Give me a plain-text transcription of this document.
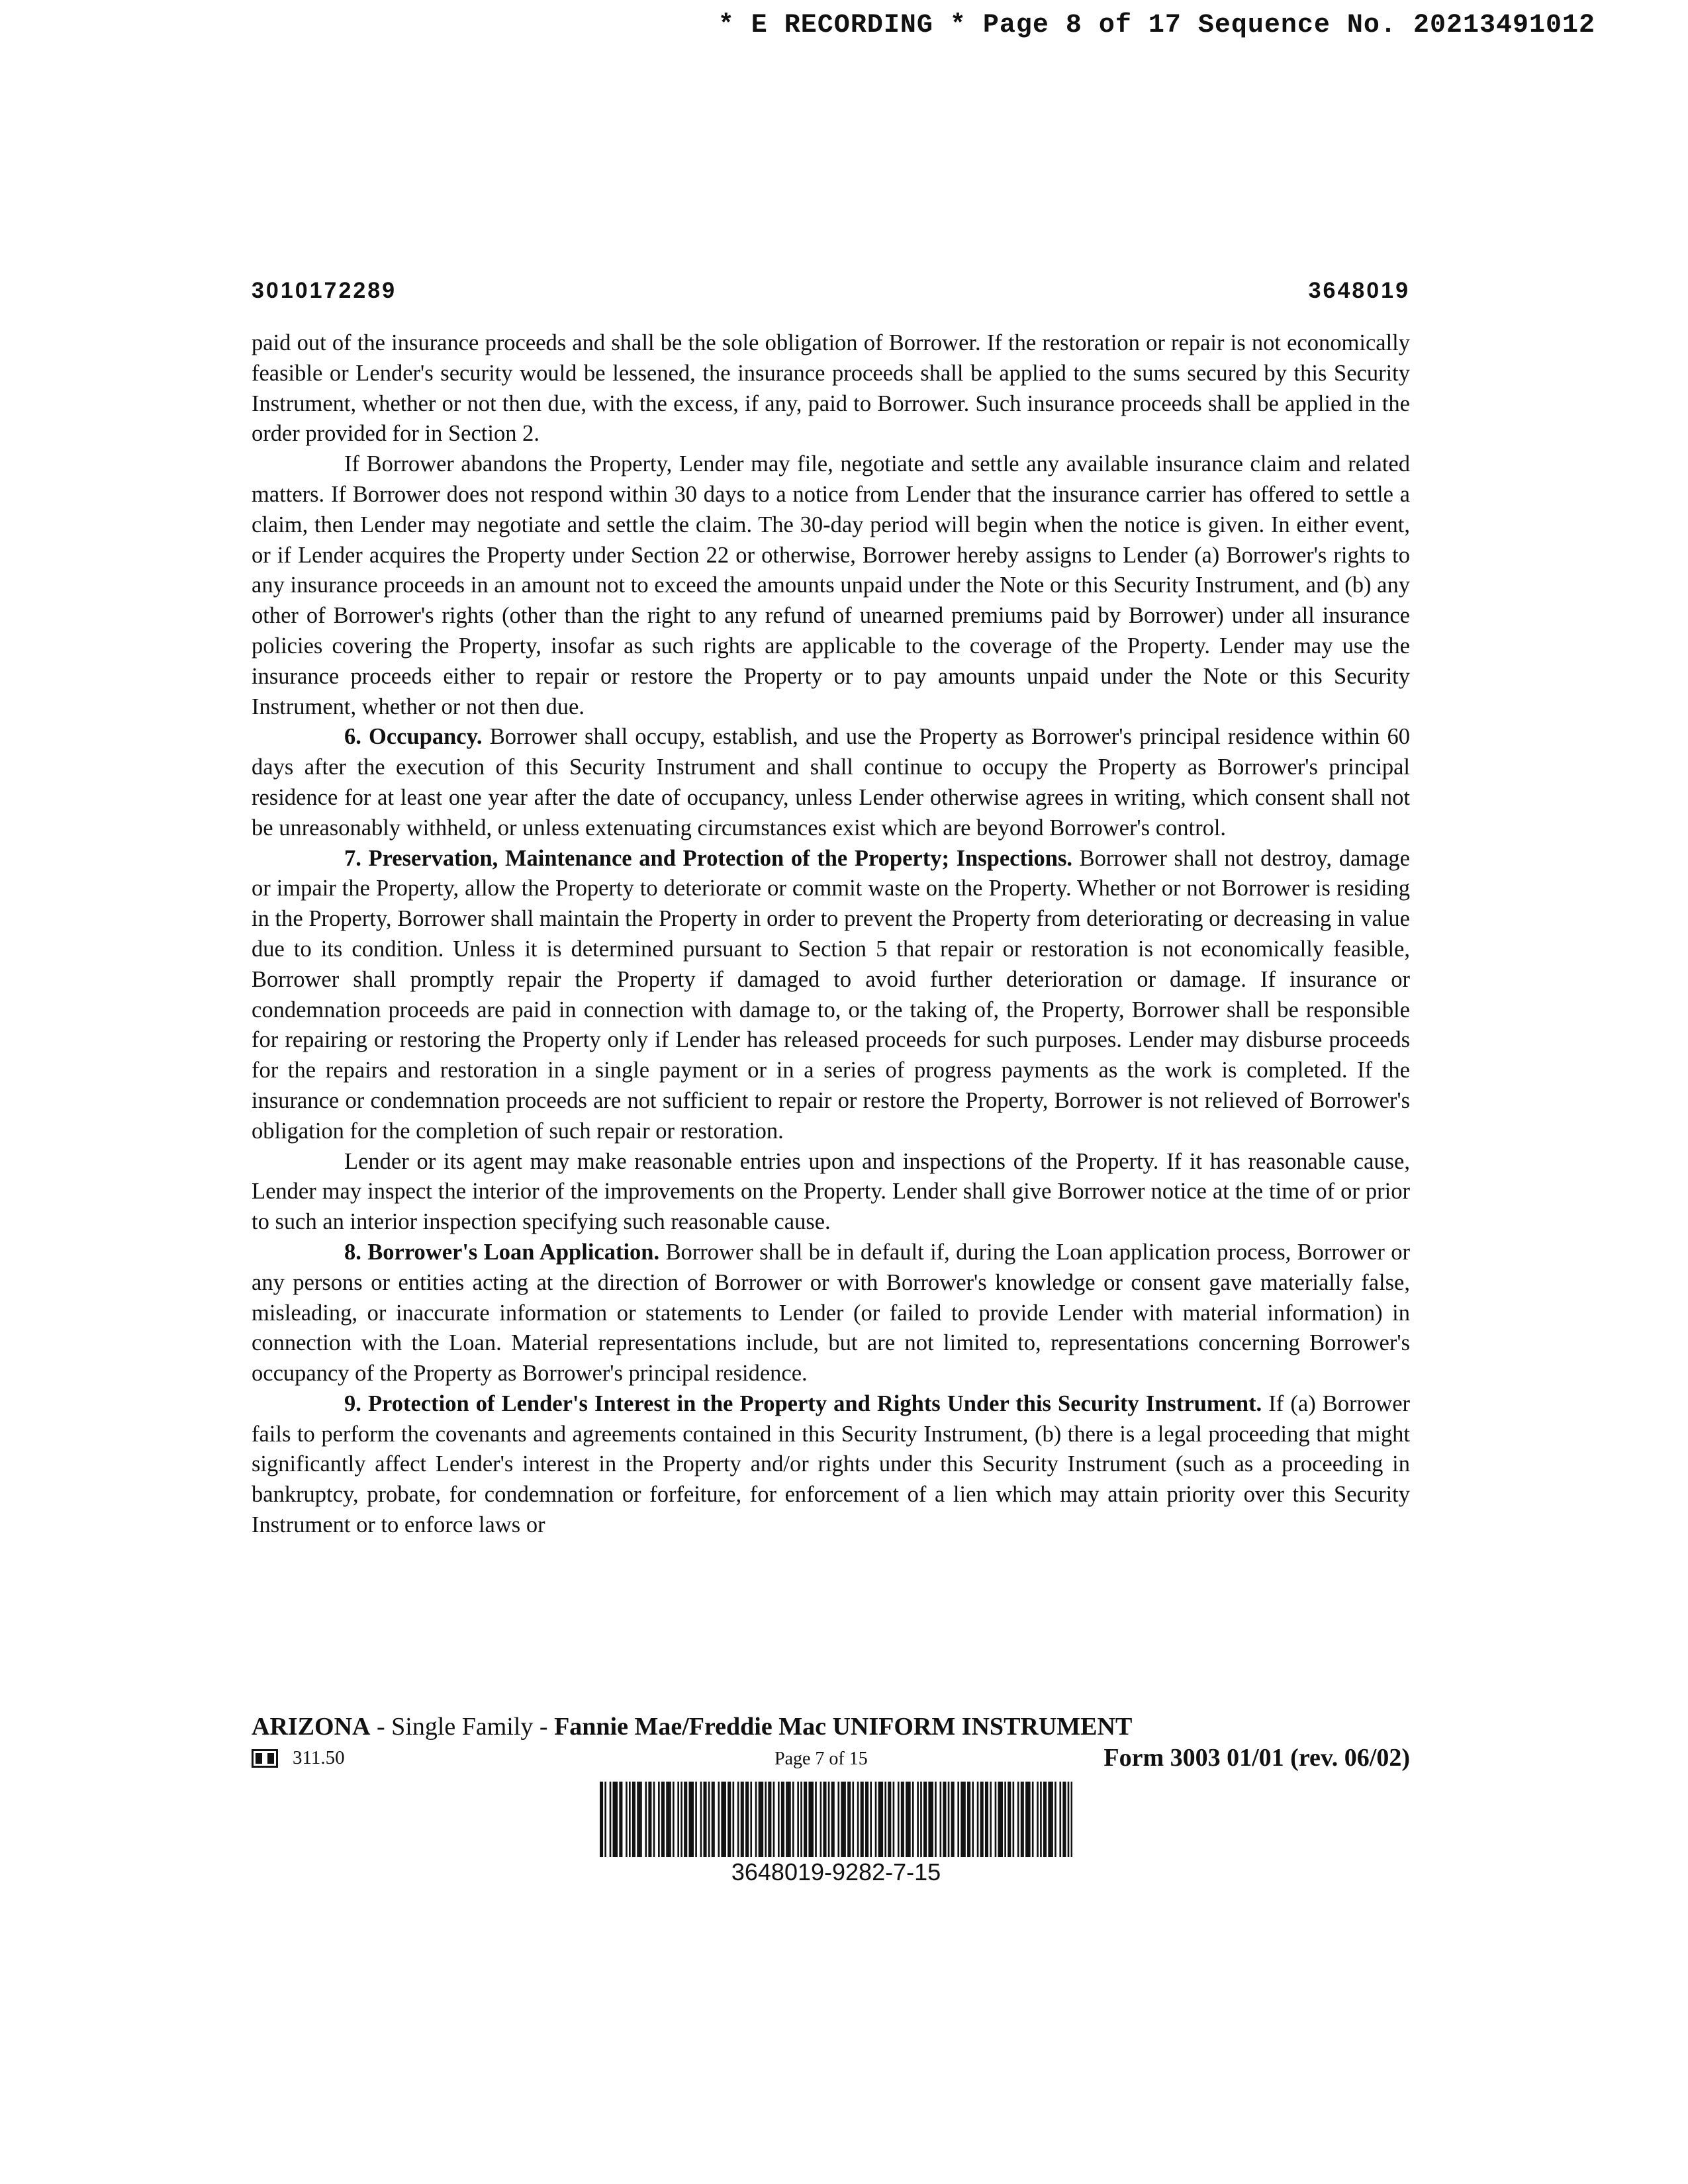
* E RECORDING * Page 8 of 17 Sequence No. 20213491012
3010172289	3648019

paid out of the insurance proceeds and shall be the sole obligation of Borrower. If the restoration or repair is not economically feasible or Lender's security would be lessened, the insurance proceeds shall be applied to the sums secured by this Security Instrument, whether or not then due, with the excess, if any, paid to Borrower. Such insurance proceeds shall be applied in the order provided for in Section 2.

If Borrower abandons the Property, Lender may file, negotiate and settle any available insurance claim and related matters. If Borrower does not respond within 30 days to a notice from Lender that the insurance carrier has offered to settle a claim, then Lender may negotiate and settle the claim. The 30-day period will begin when the notice is given. In either event, or if Lender acquires the Property under Section 22 or otherwise, Borrower hereby assigns to Lender (a) Borrower's rights to any insurance proceeds in an amount not to exceed the amounts unpaid under the Note or this Security Instrument, and (b) any other of Borrower's rights (other than the right to any refund of unearned premiums paid by Borrower) under all insurance policies covering the Property, insofar as such rights are applicable to the coverage of the Property. Lender may use the insurance proceeds either to repair or restore the Property or to pay amounts unpaid under the Note or this Security Instrument, whether or not then due.

6. Occupancy. Borrower shall occupy, establish, and use the Property as Borrower's principal residence within 60 days after the execution of this Security Instrument and shall continue to occupy the Property as Borrower's principal residence for at least one year after the date of occupancy, unless Lender otherwise agrees in writing, which consent shall not be unreasonably withheld, or unless extenuating circumstances exist which are beyond Borrower's control.

7. Preservation, Maintenance and Protection of the Property; Inspections. Borrower shall not destroy, damage or impair the Property, allow the Property to deteriorate or commit waste on the Property. Whether or not Borrower is residing in the Property, Borrower shall maintain the Property in order to prevent the Property from deteriorating or decreasing in value due to its condition. Unless it is determined pursuant to Section 5 that repair or restoration is not economically feasible, Borrower shall promptly repair the Property if damaged to avoid further deterioration or damage. If insurance or condemnation proceeds are paid in connection with damage to, or the taking of, the Property, Borrower shall be responsible for repairing or restoring the Property only if Lender has released proceeds for such purposes. Lender may disburse proceeds for the repairs and restoration in a single payment or in a series of progress payments as the work is completed. If the insurance or condemnation proceeds are not sufficient to repair or restore the Property, Borrower is not relieved of Borrower's obligation for the completion of such repair or restoration.

Lender or its agent may make reasonable entries upon and inspections of the Property. If it has reasonable cause, Lender may inspect the interior of the improvements on the Property. Lender shall give Borrower notice at the time of or prior to such an interior inspection specifying such reasonable cause.

8. Borrower's Loan Application. Borrower shall be in default if, during the Loan application process, Borrower or any persons or entities acting at the direction of Borrower or with Borrower's knowledge or consent gave materially false, misleading, or inaccurate information or statements to Lender (or failed to provide Lender with material information) in connection with the Loan. Material representations include, but are not limited to, representations concerning Borrower's occupancy of the Property as Borrower's principal residence.

9. Protection of Lender's Interest in the Property and Rights Under this Security Instrument. If (a) Borrower fails to perform the covenants and agreements contained in this Security Instrument, (b) there is a legal proceeding that might significantly affect Lender's interest in the Property and/or rights under this Security Instrument (such as a proceeding in bankruptcy, probate, for condemnation or forfeiture, for enforcement of a lien which may attain priority over this Security Instrument or to enforce laws or

ARIZONA - Single Family - Fannie Mae/Freddie Mac UNIFORM INSTRUMENT
311.50	Page 7 of 15	Form 3003 01/01 (rev. 06/02)
3648019-9282-7-15
